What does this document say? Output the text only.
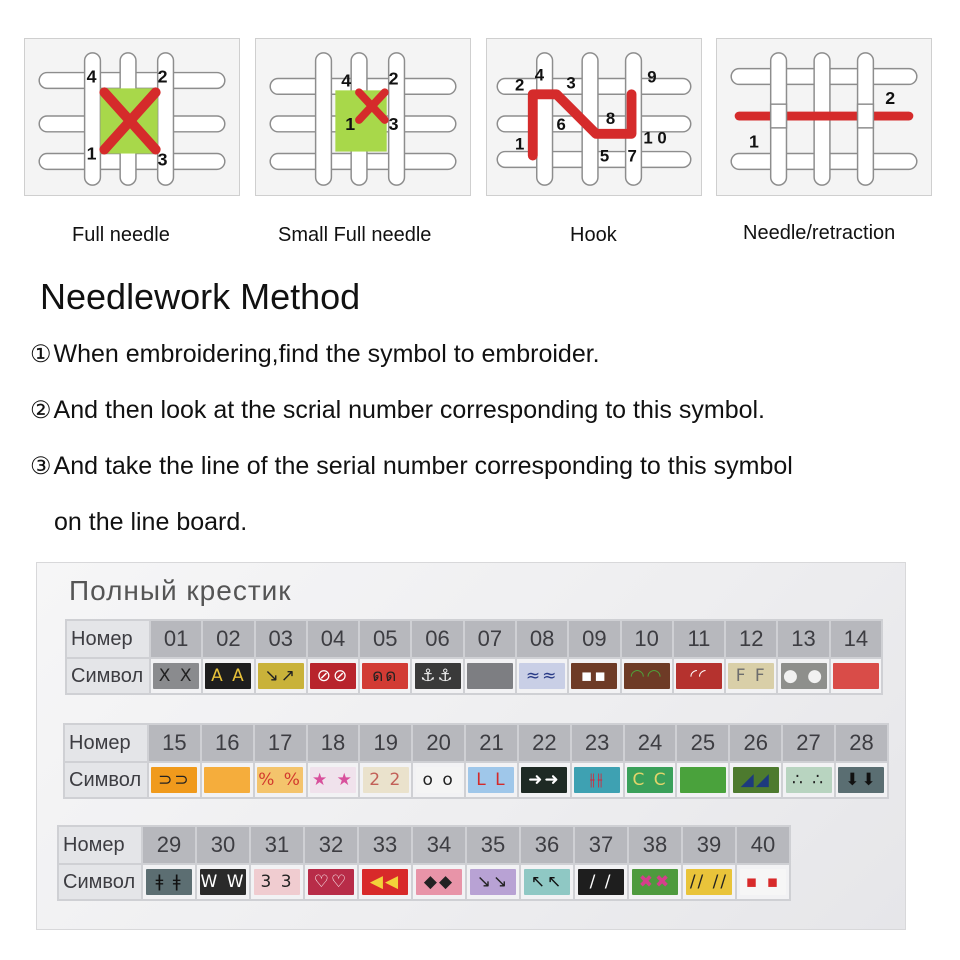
4	2
1	3
4 2
1 3
2
4 3	9
6 8
1
5 7
1 0
2
1
Full needle	Small Full needle	Hook	Needle/retraction
Needlework Method
①When embroidering,find the symbol to embroider.
②And then look at the scrial number corresponding to this symbol.
③And take the line of the serial number corresponding to this symbol
on the line board.
Полный крестик
Номер	01	02	03	04	05	06	07	08	09	10	11	12	13	14
Символ	X X	A A	↘↗	⊘⊘	ดด	⚓⚓		≈≈	▪▪	◠◠	◜◜	F F	● ●	
Номер	15	16	17	18	19	20	21	22	23	24	25	26	27	28
Символ	⊃⊃		% %	★ ★	2 2	o o	L L	➜➜	⫲⫲	C C		◢◢	∴ ∴	⬇⬇
Номер	29	30	31	32	33	34	35	36	37	38	39	40
Символ	ǂ ǂ	W W	3 3	♡♡	◀◀	◆◆	↘↘	↖↖	/ /	✖✖	// //	▪ ▪
